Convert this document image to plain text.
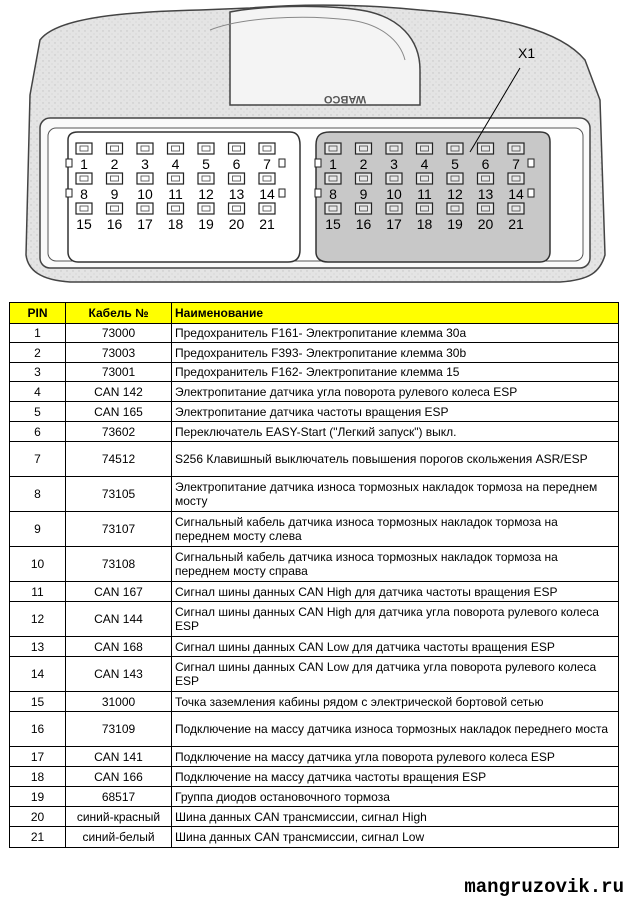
WABCO
X1
1 2 3 4 5 6 7
8 9 10 11 12 13 14
15 16 17 18 19 20 21
1 2 3 4 5 6 7
8 9 10 11 12 13 14
15 16 17 18 19 20 21
PIN	Кабель №	Наименование
1	73000	Предохранитель F161- Электропитание клемма 30a
2	73003	Предохранитель F393- Электропитание клемма 30b
3	73001	Предохранитель F162- Электропитание клемма 15
4	CAN 142	Электропитание датчика угла поворота рулевого колеса ESP
5	CAN 165	Электропитание датчика частоты вращения ESP
6	73602	Переключатель EASY-Start ("Легкий запуск") выкл.
7	74512	S256 Клавишный выключатель повышения порогов скольжения ASR/ESP
8	73105	Электропитание датчика износа тормозных накладок тормоза на переднем мосту
9	73107	Сигнальный кабель датчика износа тормозных накладок тормоза на переднем мосту слева
10	73108	Сигнальный кабель датчика износа тормозных накладок тормоза на переднем мосту справа
11	CAN 167	Сигнал шины данных CAN High для датчика частоты вращения ESP
12	CAN 144	Сигнал шины данных CAN High для датчика угла поворота рулевого колеса ESP
13	CAN 168	Сигнал шины данных CAN Low для датчика частоты вращения ESP
14	CAN 143	Сигнал шины данных CAN Low для датчика угла поворота рулевого колеса ESP
15	31000	Точка заземления кабины рядом с электрической бортовой сетью
16	73109	Подключение на массу датчика износа тормозных накладок переднего моста
17	CAN 141	Подключение на массу датчика угла поворота рулевого колеса ESP
18	CAN 166	Подключение на массу датчика частоты вращения ESP
19	68517	Группа диодов остановочного тормоза
20	синий-красный	Шина данных CAN трансмиссии, сигнал High
21	синий-белый	Шина данных CAN трансмиссии, сигнал Low
mangruzovik.ru
